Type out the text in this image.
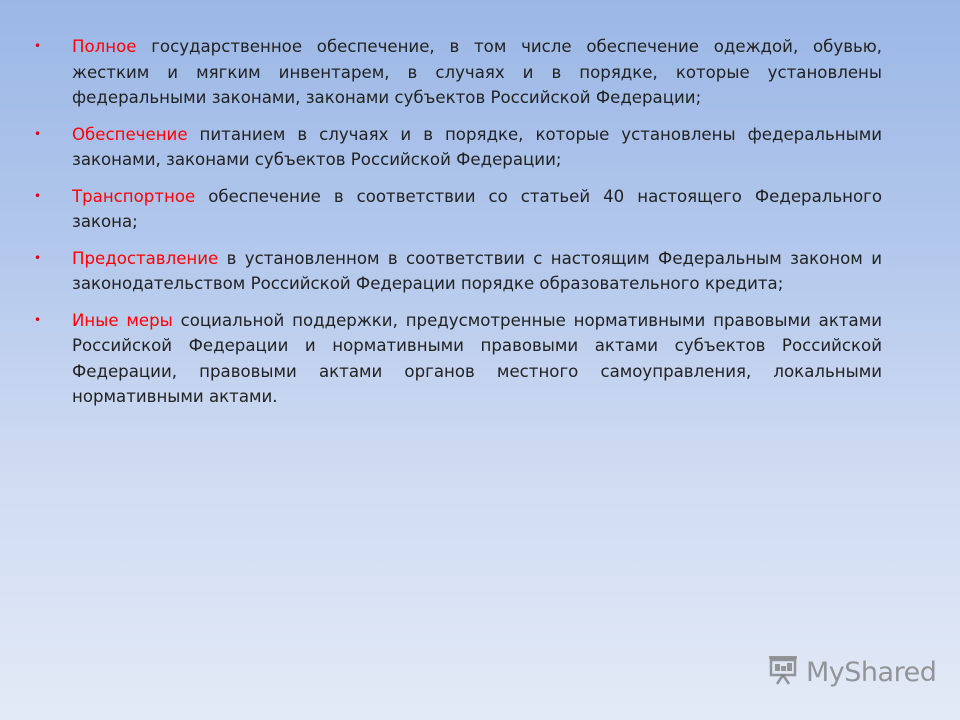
• Полное государственное обеспечение, в том числе обеспечение одеждой, обувью, жестким и мягким инвентарем, в случаях и в порядке, которые установлены федеральными законами, законами субъектов Российской Федерации;
• Обеспечение питанием в случаях и в порядке, которые установлены федеральными законами, законами субъектов Российской Федерации;
• Транспортное обеспечение в соответствии со статьей 40 настоящего Федерального закона;
• Предоставление в установленном в соответствии с настоящим Федеральным законом и законодательством Российской Федерации порядке образовательного кредита;
• Иные меры социальной поддержки, предусмотренные нормативными правовыми актами Российской Федерации и нормативными правовыми актами субъектов Российской Федерации, правовыми актами органов местного самоуправления, локальными нормативными актами.
MyShared
